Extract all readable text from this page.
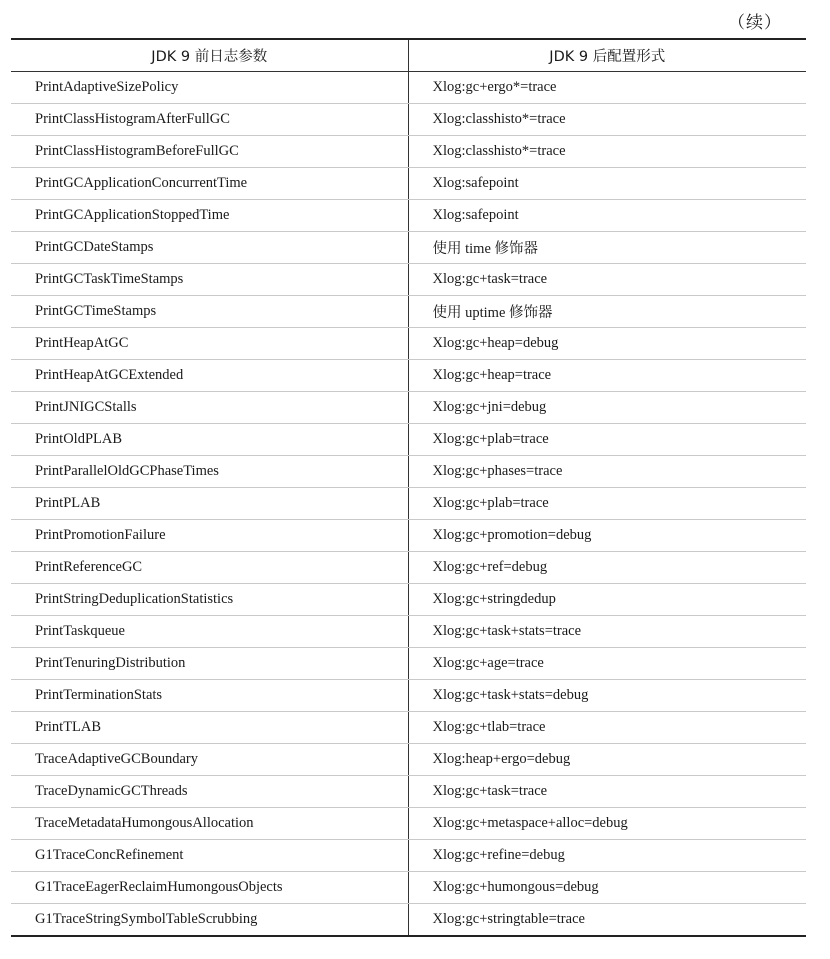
（续）
JDK 9 前日志参数	JDK 9 后配置形式
PrintAdaptiveSizePolicy	Xlog:gc+ergo*=trace
PrintClassHistogramAfterFullGC	Xlog:classhisto*=trace
PrintClassHistogramBeforeFullGC	Xlog:classhisto*=trace
PrintGCApplicationConcurrentTime	Xlog:safepoint
PrintGCApplicationStoppedTime	Xlog:safepoint
PrintGCDateStamps	使用 time 修饰器
PrintGCTaskTimeStamps	Xlog:gc+task=trace
PrintGCTimeStamps	使用 uptime 修饰器
PrintHeapAtGC	Xlog:gc+heap=debug
PrintHeapAtGCExtended	Xlog:gc+heap=trace
PrintJNIGCStalls	Xlog:gc+jni=debug
PrintOldPLAB	Xlog:gc+plab=trace
PrintParallelOldGCPhaseTimes	Xlog:gc+phases=trace
PrintPLAB	Xlog:gc+plab=trace
PrintPromotionFailure	Xlog:gc+promotion=debug
PrintReferenceGC	Xlog:gc+ref=debug
PrintStringDeduplicationStatistics	Xlog:gc+stringdedup
PrintTaskqueue	Xlog:gc+task+stats=trace
PrintTenuringDistribution	Xlog:gc+age=trace
PrintTerminationStats	Xlog:gc+task+stats=debug
PrintTLAB	Xlog:gc+tlab=trace
TraceAdaptiveGCBoundary	Xlog:heap+ergo=debug
TraceDynamicGCThreads	Xlog:gc+task=trace
TraceMetadataHumongousAllocation	Xlog:gc+metaspace+alloc=debug
G1TraceConcRefinement	Xlog:gc+refine=debug
G1TraceEagerReclaimHumongousObjects	Xlog:gc+humongous=debug
G1TraceStringSymbolTableScrubbing	Xlog:gc+stringtable=trace
